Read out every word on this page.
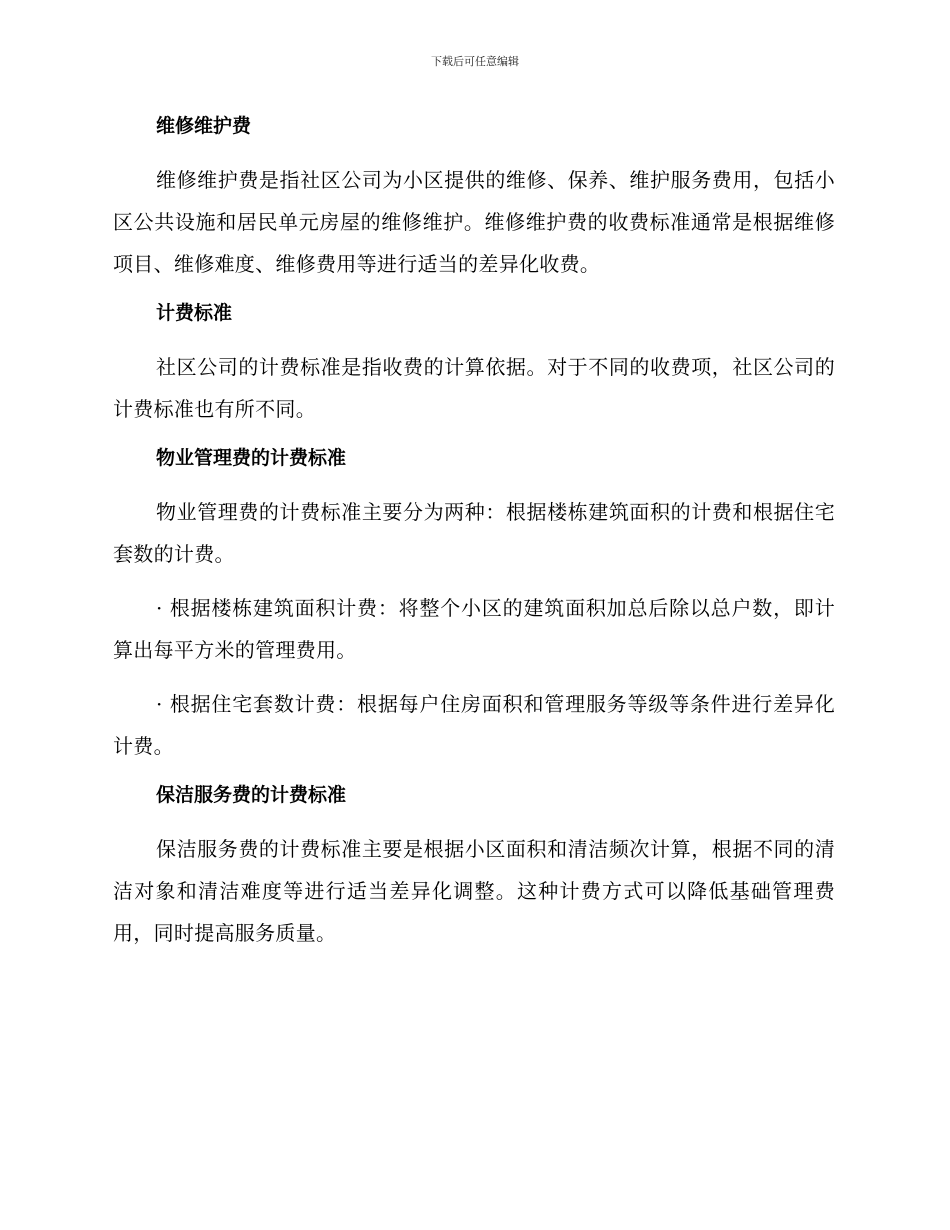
下载后可任意编辑
维修维护费

维修维护费是指社区公司为小区提供的维修、保养、维护服务费用，包括小区公共设施和居民单元房屋的维修维护。维修维护费的收费标准通常是根据维修项目、维修难度、维修费用等进行适当的差异化收费。

计费标准

社区公司的计费标准是指收费的计算依据。对于不同的收费项，社区公司的计费标准也有所不同。

物业管理费的计费标准

物业管理费的计费标准主要分为两种：根据楼栋建筑面积的计费和根据住宅套数的计费。

· 根据楼栋建筑面积计费：将整个小区的建筑面积加总后除以总户数，即计算出每平方米的管理费用。

· 根据住宅套数计费：根据每户住房面积和管理服务等级等条件进行差异化计费。

保洁服务费的计费标准

保洁服务费的计费标准主要是根据小区面积和清洁频次计算，根据不同的清洁对象和清洁难度等进行适当差异化调整。这种计费方式可以降低基础管理费用，同时提高服务质量。
